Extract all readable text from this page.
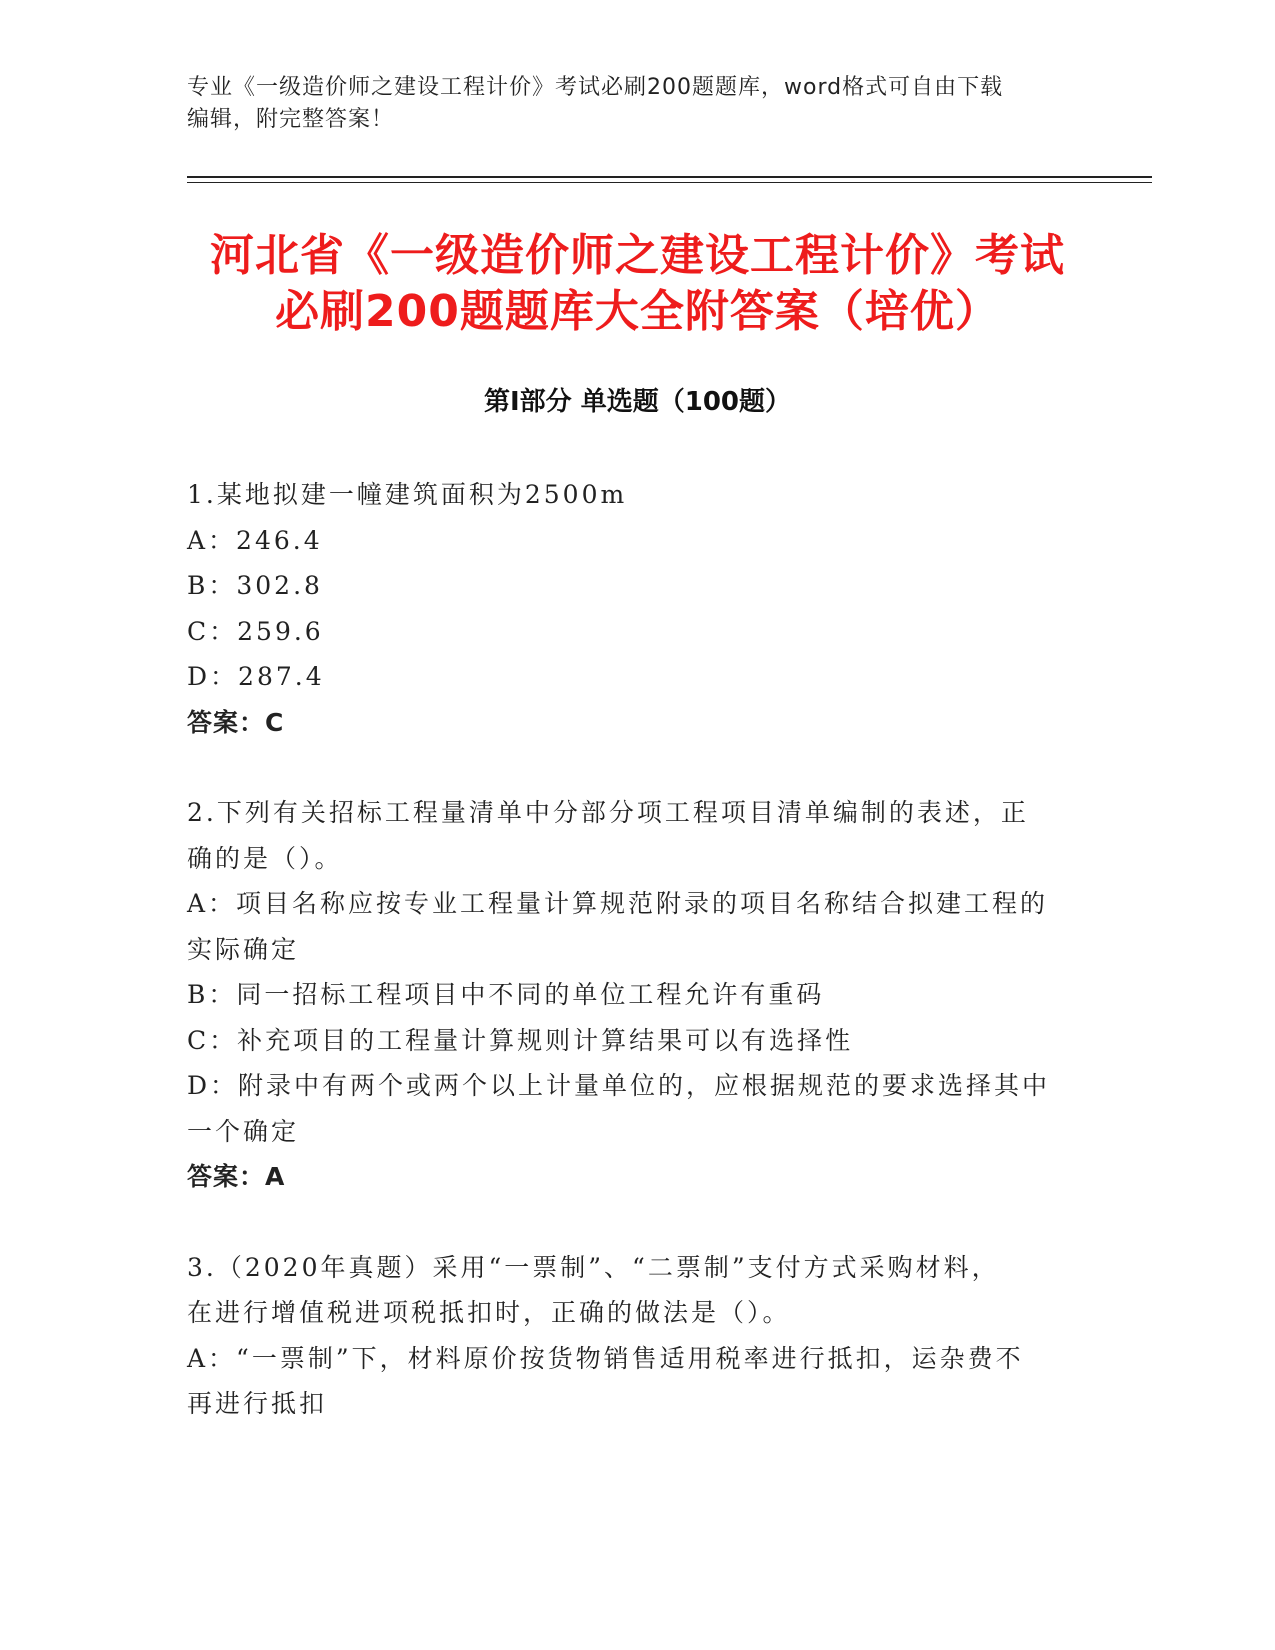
专业《一级造价师之建设工程计价》考试必刷200题题库，word格式可自由下载
编辑，附完整答案！
河北省《一级造价师之建设工程计价》考试
必刷200题题库大全附答案（培优）
第Ⅰ部分 单选题（100题）

1.某地拟建一幢建筑面积为2500m

A：246.4

B：302.8

C：259.6

D：287.4

答案：C

2.下列有关招标工程量清单中分部分项工程项目清单编制的表述，正

确的是（）。

A：项目名称应按专业工程量计算规范附录的项目名称结合拟建工程的

实际确定

B：同一招标工程项目中不同的单位工程允许有重码

C：补充项目的工程量计算规则计算结果可以有选择性

D：附录中有两个或两个以上计量单位的，应根据规范的要求选择其中

一个确定

答案：A

3.（2020年真题）采用“一票制”、“二票制”支付方式采购材料，

在进行增值税进项税抵扣时，正确的做法是（）。

A：“一票制”下，材料原价按货物销售适用税率进行抵扣，运杂费不

再进行抵扣
